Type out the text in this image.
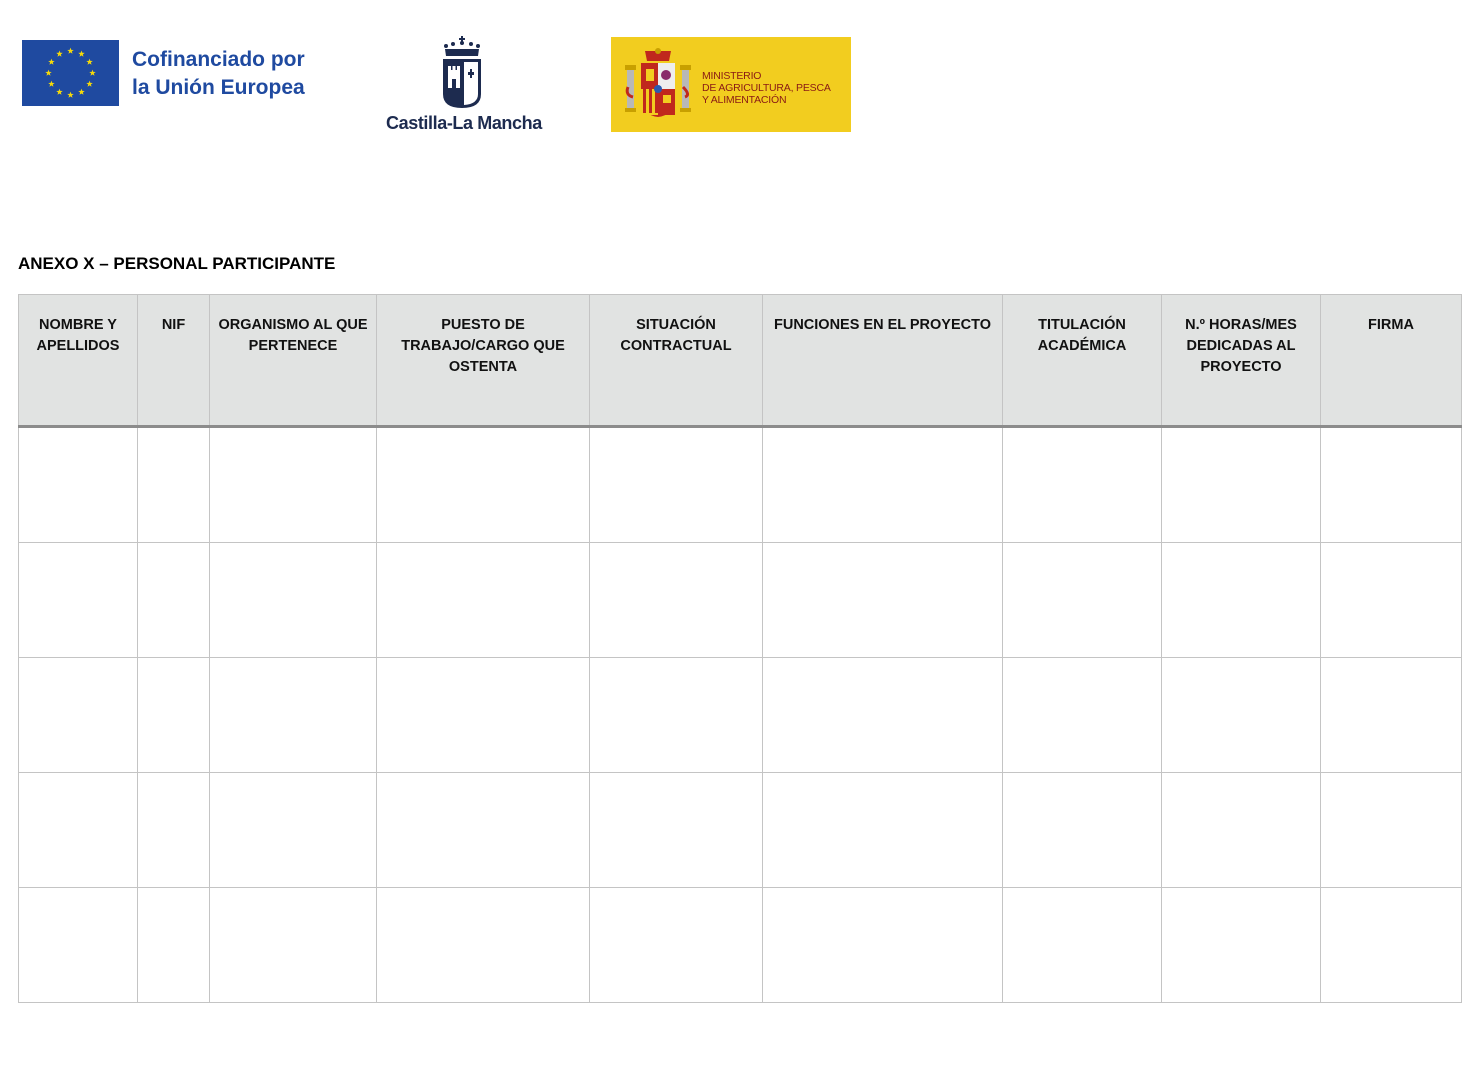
Cofinanciado por
la Unión Europea
Castilla-La Mancha
MINISTERIO
DE AGRICULTURA, PESCA
Y ALIMENTACIÓN
ANEXO X – PERSONAL PARTICIPANTE
NOMBRE Y APELLIDOS	NIF	ORGANISMO AL QUE PERTENECE	PUESTO DE TRABAJO/CARGO QUE OSTENTA	SITUACIÓN CONTRACTUAL	FUNCIONES EN EL PROYECTO	TITULACIÓN ACADÉMICA	N.º HORAS/MES DEDICADAS AL PROYECTO	FIRMA
